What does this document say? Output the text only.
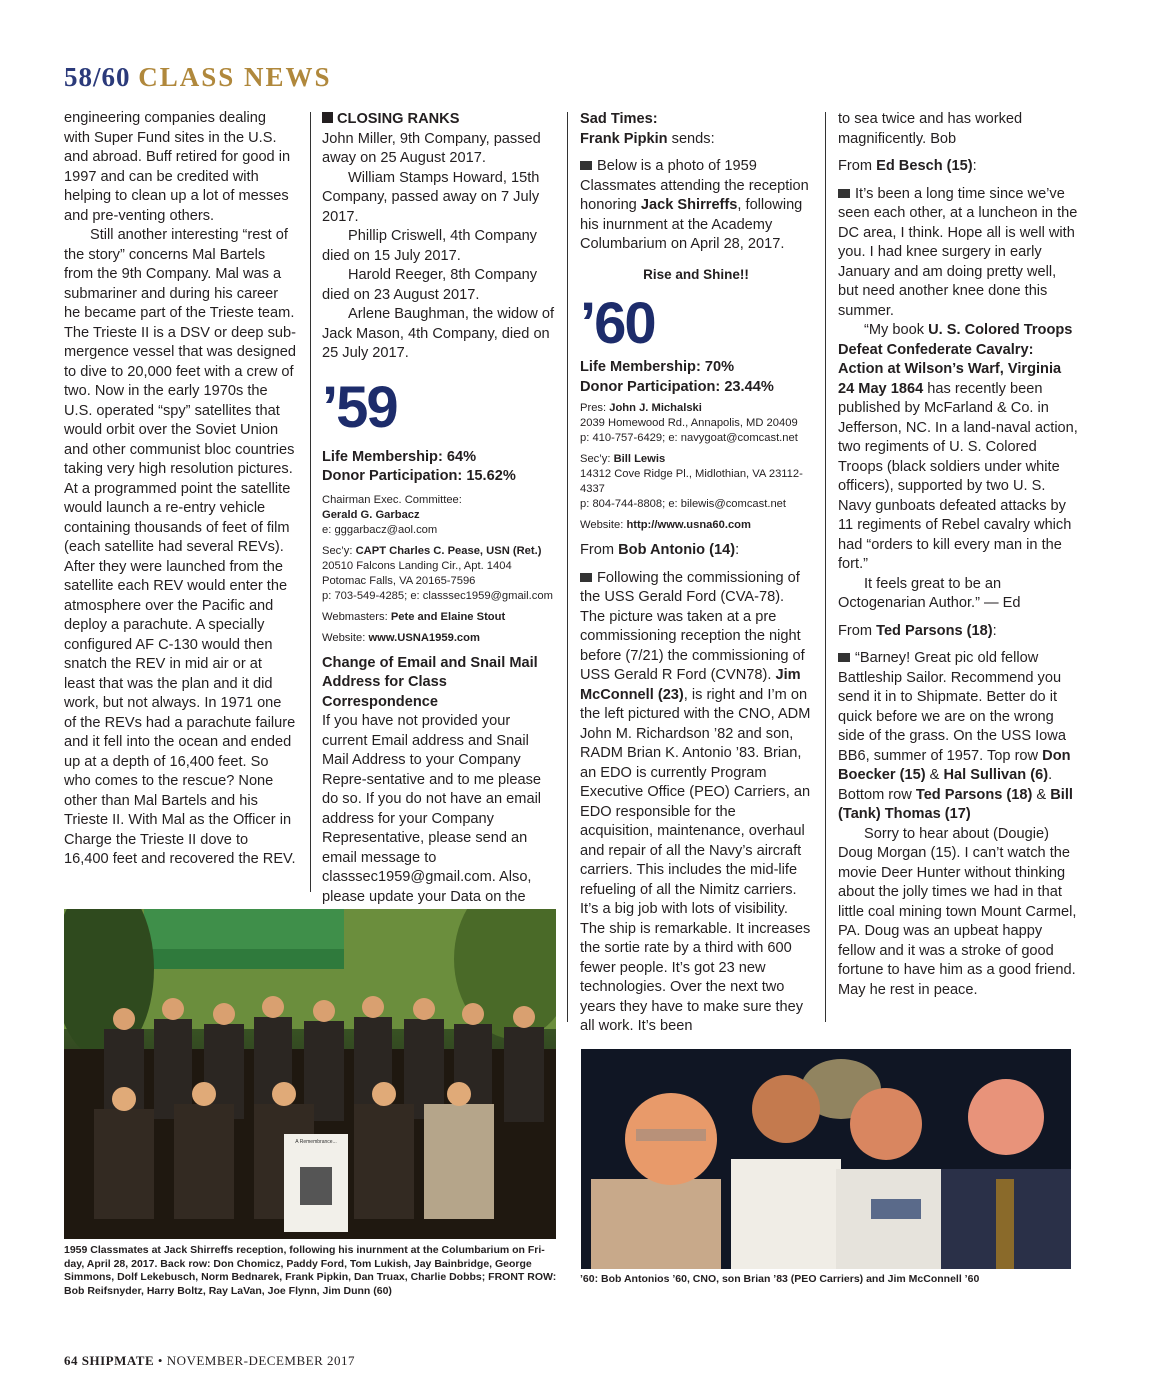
58/60 CLASS NEWS

engineering companies dealing with Super Fund sites in the U.S. and abroad. Buff retired for good in 1997 and can be credited with helping to clean up a lot of messes and pre-venting others.

Still another interesting “rest of the story” concerns Mal Bartels from the 9th Company. Mal was a submariner and during his career he became part of the Trieste team. The Trieste II is a DSV or deep sub-mergence vessel that was designed to dive to 20,000 feet with a crew of two. Now in the early 1970s the U.S. operated “spy” satellites that would orbit over the Soviet Union and other communist bloc countries taking very high resolution pictures. At a programmed point the satellite would launch a re-entry vehicle containing thousands of feet of film (each satellite had several REVs). After they were launched from the satellite each REV would enter the atmosphere over the Pacific and deploy a parachute. A specially configured AF C-130 would then snatch the REV in mid air or at least that was the plan and it did work, but not always. In 1971 one of the REVs had a parachute failure and it fell into the ocean and ended up at a depth of 16,400 feet. So who comes to the rescue? None other than Mal Bartels and his Trieste II. With Mal as the Officer in Charge the Trieste II dove to 16,400 feet and recovered the REV.

CLOSING RANKS

John Miller, 9th Company, passed away on 25 August 2017.

William Stamps Howard, 15th Company, passed away on 7 July 2017.

Phillip Criswell, 4th Company died on 15 July 2017.

Harold Reeger, 8th Company died on 23 August 2017.

Arlene Baughman, the widow of Jack Mason, 4th Company, died on 25 July 2017.

’59

Life Membership: 64%

Donor Participation: 15.62%

Chairman Exec. Committee:

Gerald G. Garbacz

e: gggarbacz@aol.com

Sec’y: CAPT Charles C. Pease, USN (Ret.)

20510 Falcons Landing Cir., Apt. 1404

Potomac Falls, VA 20165-7596

p: 703-549-4285; e: classsec1959@gmail.com

Webmasters: Pete and Elaine Stout

Website: www.USNA1959.com

Change of Email and Snail Mail Address for Class Correspondence

If you have not provided your current Email address and Snail Mail Address to your Company Repre-sentative and to me please do so. If you do not have an email address for your Company Representative, please send an email message to classsec1959@gmail.com. Also, please update your Data on the

Sad Times:

Frank Pipkin sends:

Below is a photo of 1959 Classmates attending the reception honoring Jack Shirreffs, following his inurnment at the Academy Columbarium on April 28, 2017.

Rise and Shine!!

’60

Life Membership: 70%

Donor Participation: 23.44%

Pres: John J. Michalski

2039 Homewood Rd., Annapolis, MD 20409

p: 410-757-6429; e: navygoat@comcast.net

Sec’y: Bill Lewis

14312 Cove Ridge Pl., Midlothian, VA 23112-4337

p: 804-744-8808; e: bilewis@comcast.net

Website: http://www.usna60.com

From Bob Antonio (14):

Following the commissioning of the USS Gerald Ford (CVA-78). The picture was taken at a pre commissioning reception the night before (7/21) the commissioning of USS Gerald R Ford (CVN78). Jim McConnell (23), is right and I’m on the left pictured with the CNO, ADM John M. Richardson ’82 and son, RADM Brian K. Antonio ’83. Brian, an EDO is currently Program Executive Office (PEO) Carriers, an EDO responsible for the acquisition, maintenance, overhaul and repair of all the Navy’s aircraft carriers. This includes the mid-life refueling of all the Nimitz carriers. It’s a big job with lots of visibility. The ship is remarkable. It increases the sortie rate by a third with 600 fewer people. It’s got 23 new technologies. Over the next two years they have to make sure they all work. It’s been

to sea twice and has worked magnificently. Bob

From Ed Besch (15):

It’s been a long time since we’ve seen each other, at a luncheon in the DC area, I think. Hope all is well with you. I had knee surgery in early January and am doing pretty well, but need another knee done this summer.

“My book U. S. Colored Troops Defeat Confederate Cavalry: Action at Wilson’s Warf, Virginia 24 May 1864 has recently been published by McFarland & Co. in Jefferson, NC. In a land-naval action, two regiments of U. S. Colored Troops (black soldiers under white officers), supported by two U. S. Navy gunboats defeated attacks by 11 regiments of Rebel cavalry which had “orders to kill every man in the fort.”

It feels great to be an Octogenarian Author.” — Ed

From Ted Parsons (18):

“Barney! Great pic old fellow Battleship Sailor. Recommend you send it in to Shipmate. Better do it quick before we are on the wrong side of the grass. On the USS Iowa BB6, summer of 1957. Top row Don Boecker (15) & Hal Sullivan (6). Bottom row Ted Parsons (18) & Bill (Tank) Thomas (17)

Sorry to hear about (Dougie) Doug Morgan (15). I can’t watch the movie Deer Hunter without thinking about the jolly times we had in that little coal mining town Mount Carmel, PA. Doug was an upbeat happy fellow and it was a stroke of good fortune to have him as a good friend. May he rest in peace.

A Remembrance...
1959 Classmates at Jack Shirreffs reception, following his inurnment at the Columbarium on Fri-day, April 28, 2017. Back row: Don Chomicz, Paddy Ford, Tom Lukish, Jay Bainbridge, George Simmons, Dolf Lekebusch, Norm Bednarek, Frank Pipkin, Dan Truax, Charlie Dobbs; FRONT ROW: Bob Reifsnyder, Harry Boltz, Ray LaVan, Joe Flynn, Jim Dunn (60)
’60: Bob Antonios ’60, CNO, son Brian ’83 (PEO Carriers) and Jim McConnell ’60
64 SHIPMATE • NOVEMBER-DECEMBER 2017
